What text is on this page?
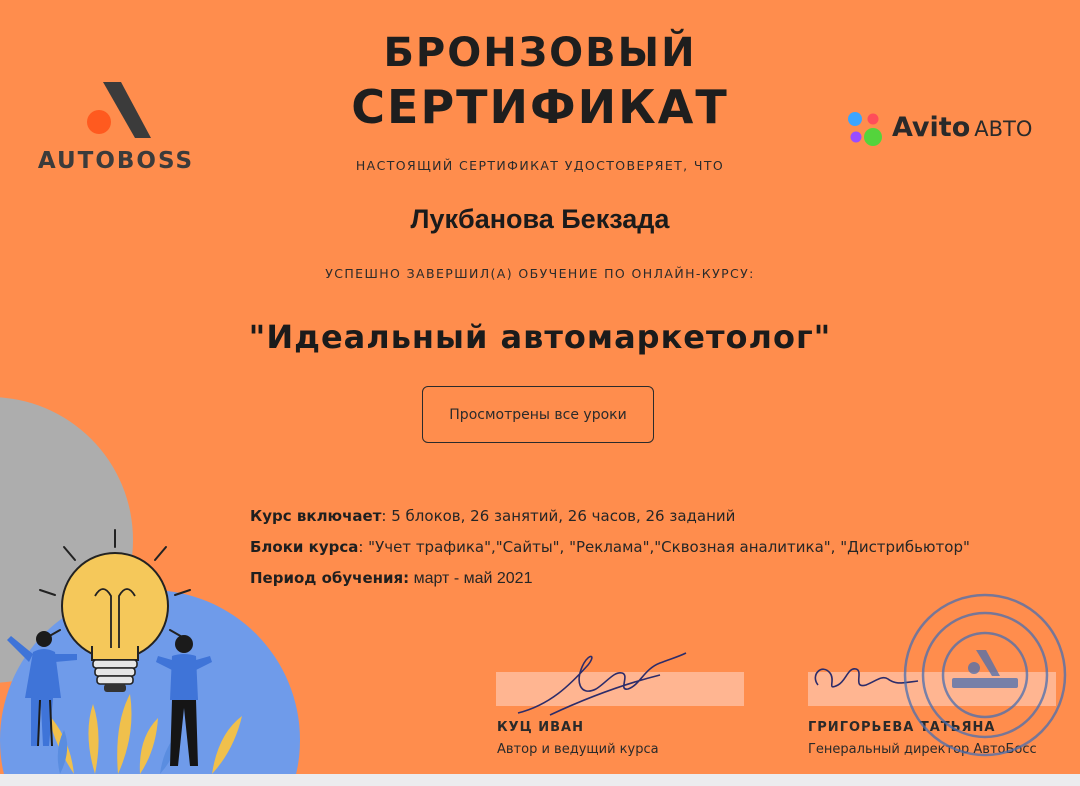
AUTOBOSS
Avito АВТО
БРОНЗОВЫЙ
СЕРТИФИКАТ
НАСТОЯЩИЙ СЕРТИФИКАТ УДОСТОВЕРЯЕТ, ЧТО
Лукбанова Бекзада
УСПЕШНО ЗАВЕРШИЛ(А) ОБУЧЕНИЕ ПО ОНЛАЙН-КУРСУ:
"Идеальный автомаркетолог"
Просмотрены все уроки
Курс включает: 5 блоков, 26 занятий, 26 часов, 26 заданий
Блоки курса: "Учет трафика","Сайты", "Реклама","Сквозная аналитика", "Дистрибьютор"
Период обучения: март - май 2021
КУЦ ИВАН
Автор и ведущий курса
ГРИГОРЬЕВА ТАТЬЯНА
Генеральный директор АвтоБосс
